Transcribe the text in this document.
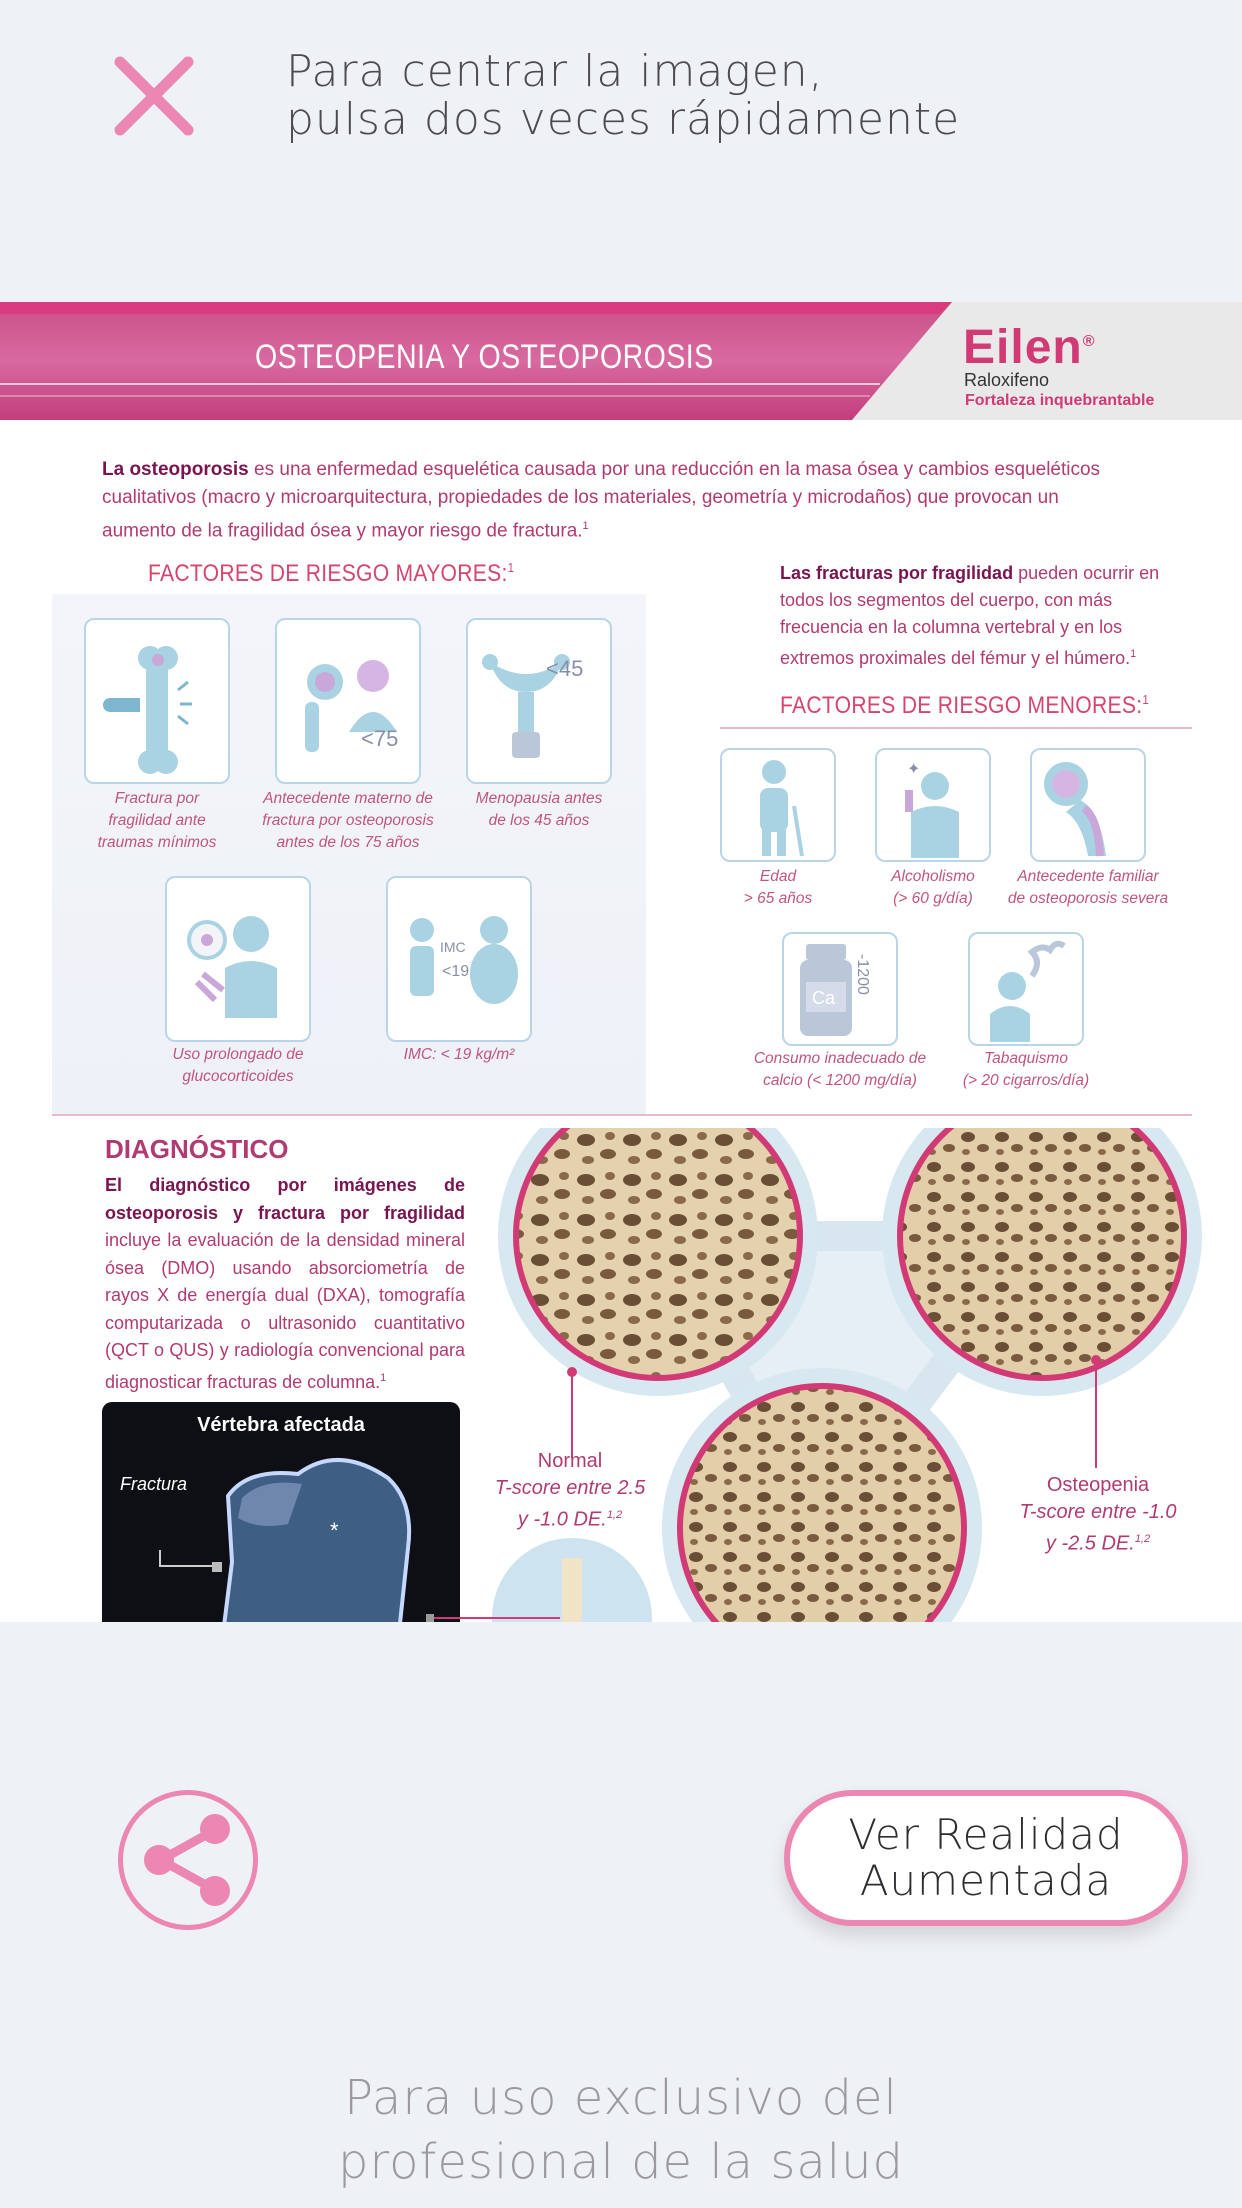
Para centrar la imagen,
pulsa dos veces rápidamente
OSTEOPENIA Y OSTEOPOROSIS	Eilen®
Raloxifeno
Fortaleza inquebrantable
La osteoporosis es una enfermedad esquelética causada por una reducción en la masa ósea y cambios esqueléticos cualitativos (macro y microarquitectura, propiedades de los materiales, geometría y microdaños) que provocan un aumento de la fragilidad ósea y mayor riesgo de fractura.$^1$
FACTORES DE RIESGO MAYORES:$^1$
Fractura por fragilidad ante traumas mínimos
<75
Antecedente materno de fractura por osteoporosis antes de los 75 años
<45
Menopausia antes de los 45 años
Uso prolongado de glucocorticoides
IMC
<19
IMC: < 19 kg/m²
Las fracturas por fragilidad pueden ocurrir en todos los segmentos del cuerpo, con más frecuencia en la columna vertebral y en los extremos proximales del fémur y el húmero.$^1$
FACTORES DE RIESGO MENORES:$^1$
Edad
> 65 años
✦
Alcoholismo
(> 60 g/día)
Antecedente familiar
de osteoporosis severa
Ca
-1200
Consumo inadecuado de
calcio (< 1200 mg/día)
Tabaquismo
(> 20 cigarros/día)
DIAGNÓSTICO
El diagnóstico por imágenes de osteoporosis y fractura por fragilidad incluye la evaluación de la densidad mineral ósea (DMO) usando absorciometría de rayos X de energía dual (DXA), tomografía computarizada o ultrasonido cuantitativo (QCT o QUS) y radiología convencional para diagnosticar fracturas de columna.$^1$
Vértebra afectada
Fractura
*
Normal
T-score entre 2.5
y -1.0 DE.$^{1,2}$
Osteopenia
T-score entre -1.0
y -2.5 DE.$^{1,2}$
Ver Realidad
Aumentada
Para uso exclusivo del
profesional de la salud
